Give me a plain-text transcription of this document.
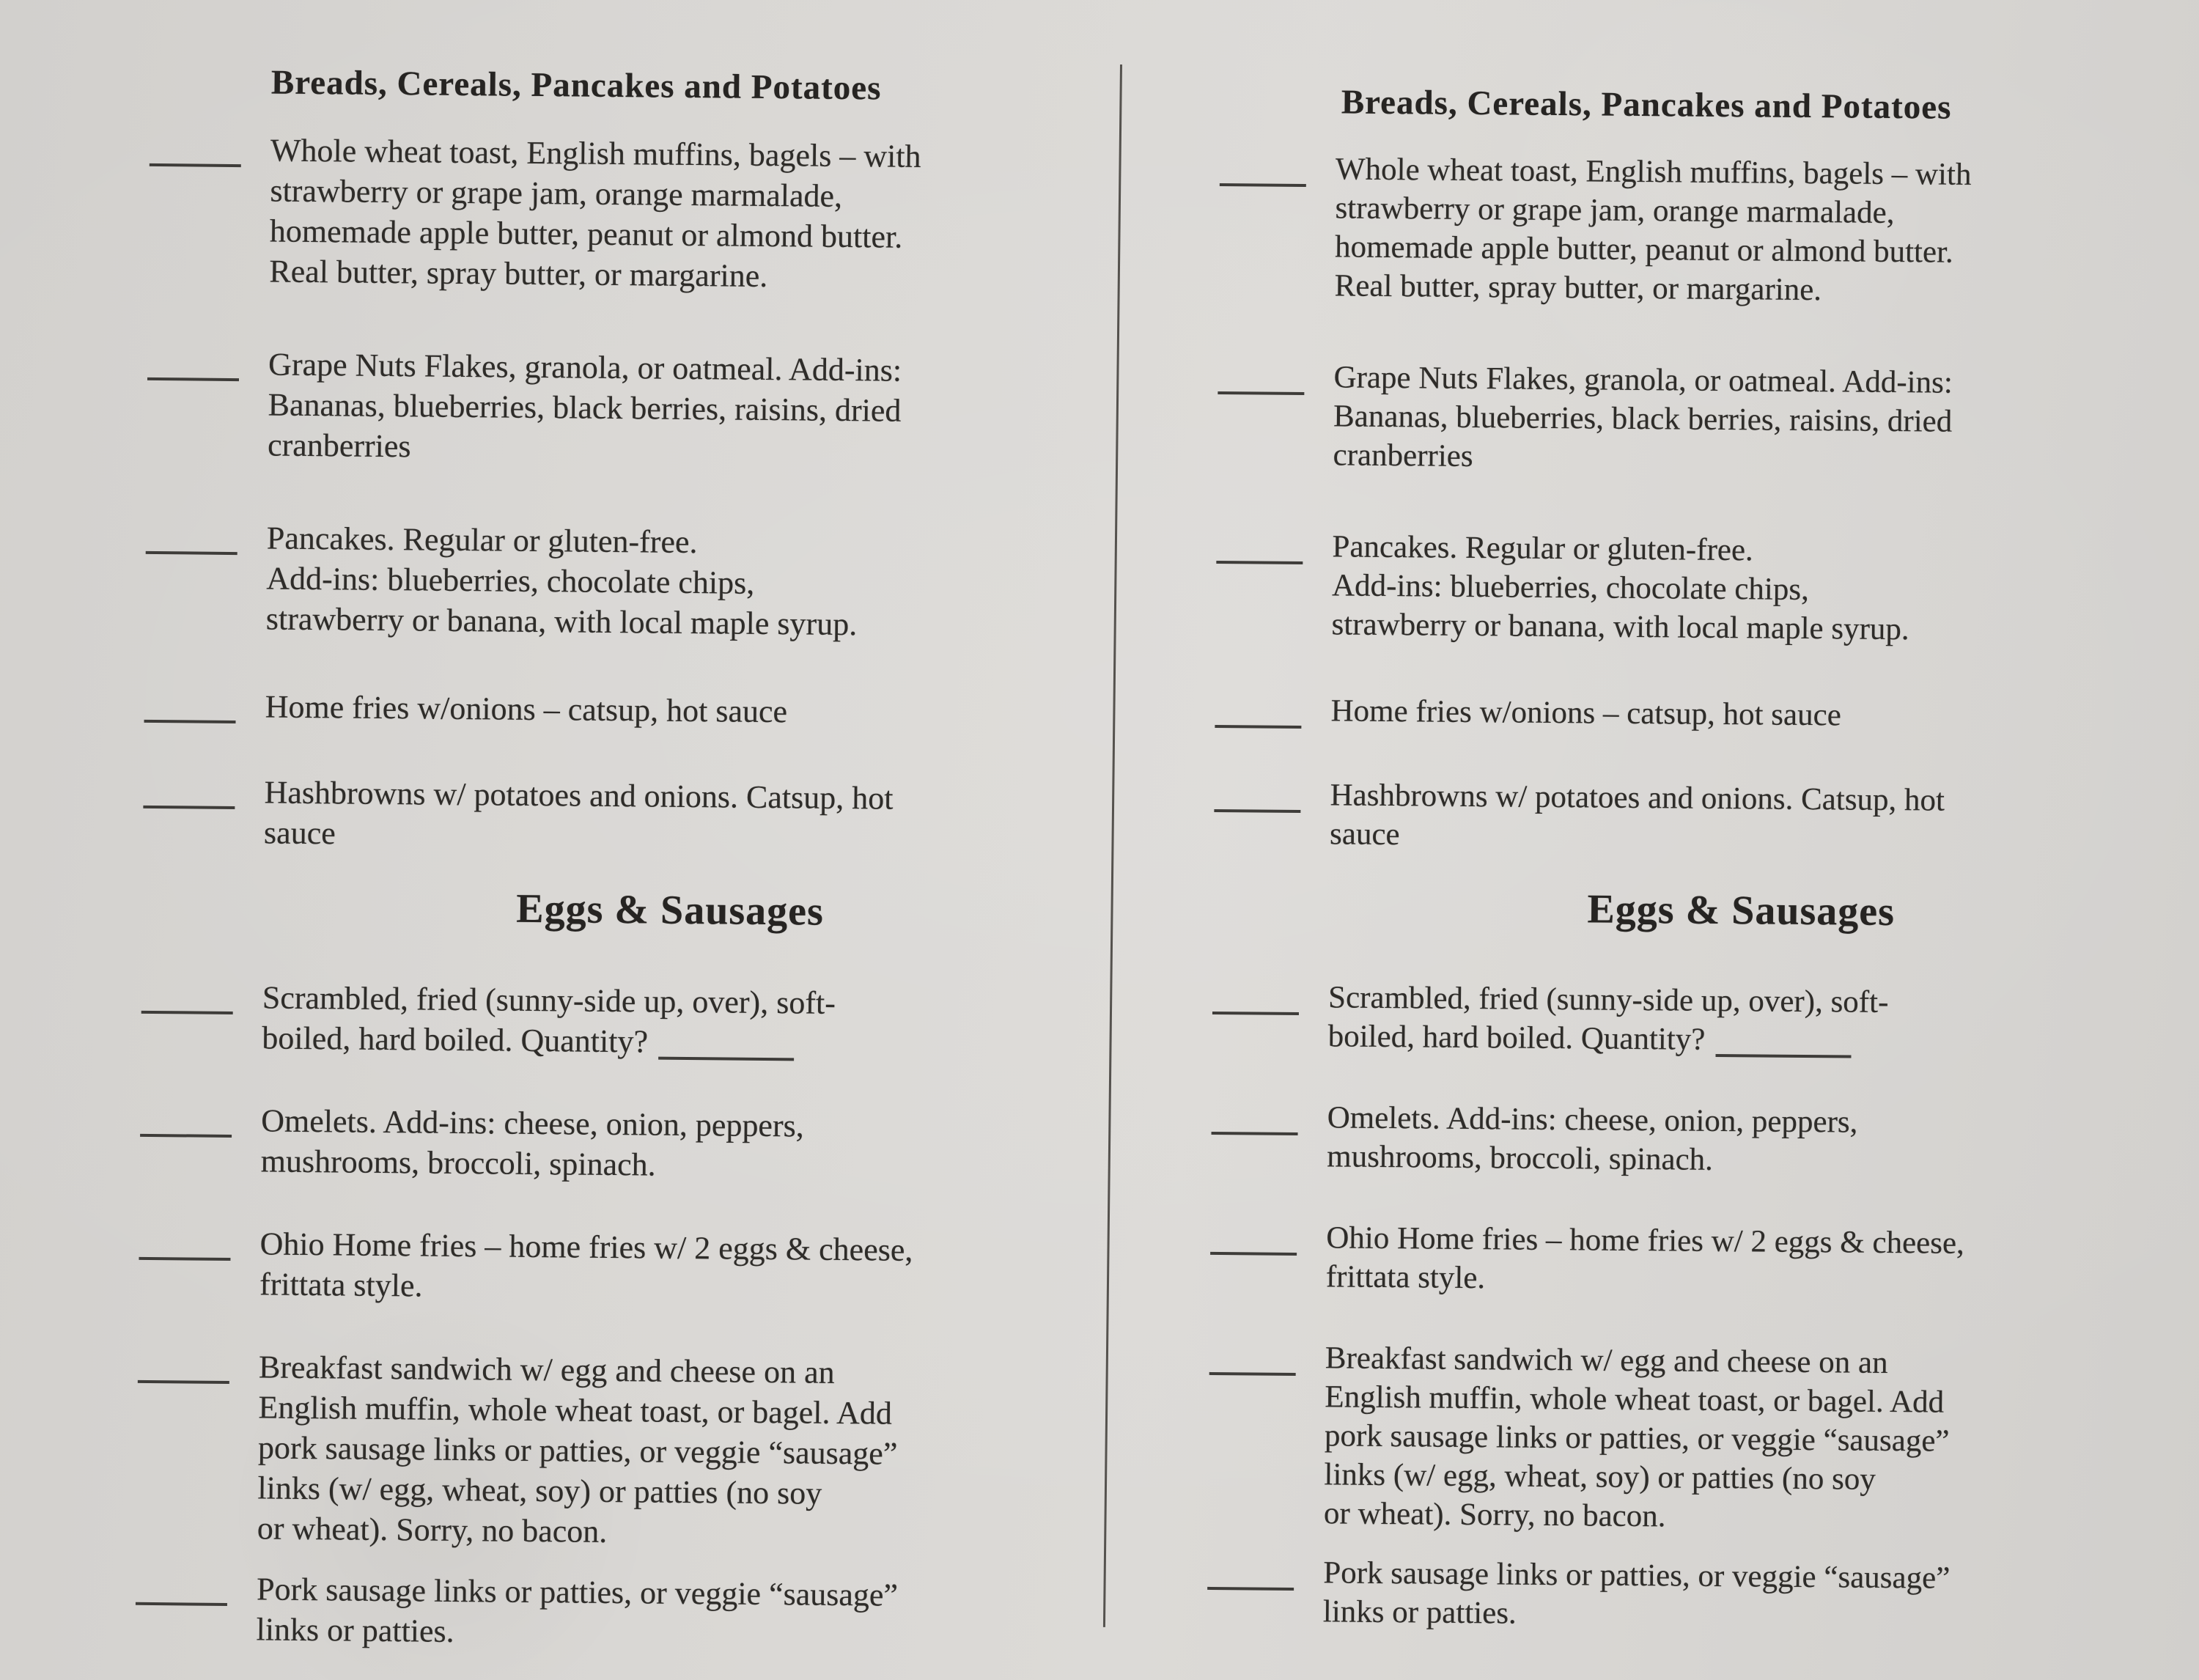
Breads, Cereals, Pancakes and Potatoes
Whole wheat toast, English muffins, bagels – with
strawberry or grape jam, orange marmalade,
homemade apple butter, peanut or almond butter.
Real butter, spray butter, or margarine.
Grape Nuts Flakes, granola, or oatmeal. Add-ins:
Bananas, blueberries, black berries, raisins, dried
cranberries
Pancakes. Regular or gluten-free.
Add-ins: blueberries, chocolate chips,
strawberry or banana, with local maple syrup.
Home fries w/onions – catsup, hot sauce
Hashbrowns w/ potatoes and onions. Catsup, hot
sauce
Eggs & Sausages
Scrambled, fried (sunny-side up, over), soft-
boiled, hard boiled. Quantity?
Omelets. Add-ins: cheese, onion, peppers,
mushrooms, broccoli, spinach.
Ohio Home fries – home fries w/ 2 eggs & cheese,
frittata style.
Breakfast sandwich w/ egg and cheese on an
English muffin, whole wheat toast, or bagel. Add
pork sausage links or patties, or veggie “sausage”
links (w/ egg, wheat, soy) or patties (no soy
or wheat). Sorry, no bacon.
Pork sausage links or patties, or veggie “sausage”
links or patties.
Breads, Cereals, Pancakes and Potatoes
Whole wheat toast, English muffins, bagels – with
strawberry or grape jam, orange marmalade,
homemade apple butter, peanut or almond butter.
Real butter, spray butter, or margarine.
Grape Nuts Flakes, granola, or oatmeal. Add-ins:
Bananas, blueberries, black berries, raisins, dried
cranberries
Pancakes. Regular or gluten-free.
Add-ins: blueberries, chocolate chips,
strawberry or banana, with local maple syrup.
Home fries w/onions – catsup, hot sauce
Hashbrowns w/ potatoes and onions. Catsup, hot
sauce
Eggs & Sausages
Scrambled, fried (sunny-side up, over), soft-
boiled, hard boiled. Quantity?
Omelets. Add-ins: cheese, onion, peppers,
mushrooms, broccoli, spinach.
Ohio Home fries – home fries w/ 2 eggs & cheese,
frittata style.
Breakfast sandwich w/ egg and cheese on an
English muffin, whole wheat toast, or bagel. Add
pork sausage links or patties, or veggie “sausage”
links (w/ egg, wheat, soy) or patties (no soy
or wheat). Sorry, no bacon.
Pork sausage links or patties, or veggie “sausage”
links or patties.
